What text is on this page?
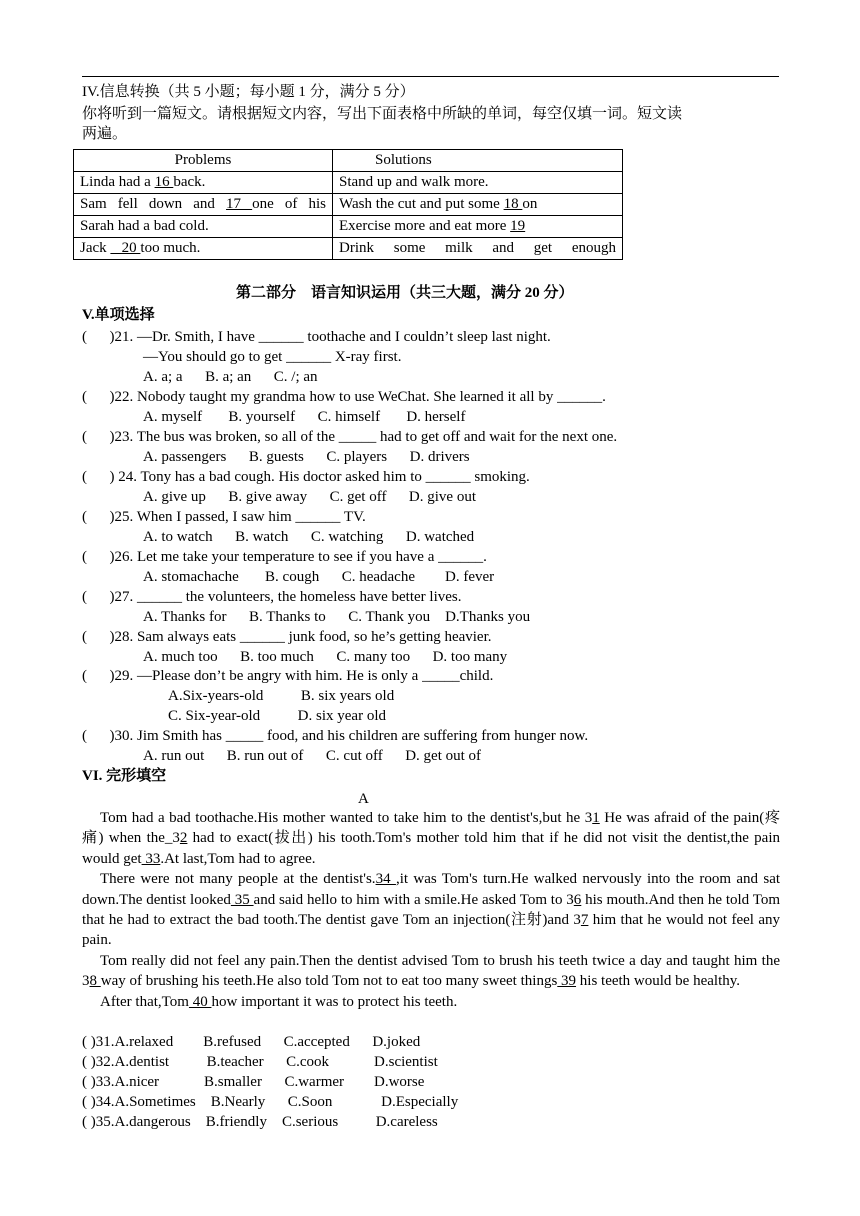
IV.信息转换（共 5 小题；每小题 1 分，满分 5 分）
你将听到一篇短文。请根据短文内容，写出下面表格中所缺的单词，每空仅填一词。短文读
两遍。
Problems	Solutions
Linda had a 16 back.	Stand up and walk more.
Sam fell down and 17 one of his	Wash the cut and put some 18 on
Sarah had a bad cold.	Exercise more and eat more 19
Jack    20 too much.	Drink some milk and get enough
第二部分　语言知识运用（共三大题，满分 20 分）
V.单项选择
(      )21. —Dr. Smith, I have ______ toothache and I couldn’t sleep last night.
—You should go to get ______ X-ray first.
A. a; a      B. a; an      C. /; an
(      )22. Nobody taught my grandma how to use WeChat. She learned it all by ______.
A. myself       B. yourself      C. himself       D. herself
(      )23. The bus was broken, so all of the _____ had to get off and wait for the next one.
A. passengers      B. guests      C. players      D. drivers
(      ) 24. Tony has a bad cough. His doctor asked him to ______ smoking.
A. give up      B. give away      C. get off      D. give out
(      )25. When I passed, I saw him ______ TV.
A. to watch      B. watch      C. watching      D. watched
(      )26. Let me take your temperature to see if you have a ______.
A. stomachache       B. cough      C. headache        D. fever
(      )27. ______ the volunteers, the homeless have better lives.
A. Thanks for      B. Thanks to      C. Thank you    D.Thanks you
(      )28. Sam always eats ______ junk food, so he’s getting heavier.
A. much too      B. too much      C. many too      D. too many
(      )29. —Please don’t be angry with him. He is only a _____child.
A.Six-years-old          B. six years old
C. Six-year-old          D. six year old
(      )30. Jim Smith has _____ food, and his children are suffering from hunger now.
A. run out      B. run out of      C. cut off      D. get out of
VI. 完形填空
A

Tom had a bad toothache.His mother wanted to take him to the dentist's,but he 31 He was afraid of the pain(疼痛) when the_32 had to exact(拔出) his tooth.Tom's mother told him that if he did not visit the dentist,the pain would get 33.At last,Tom had to agree.

There were not many people at the dentist's.34 ,it was Tom's turn.He walked nervously into the room and sat down.The dentist looked 35 and said hello to him with a smile.He asked Tom to 36 his mouth.And then he told Tom that he had to extract the bad tooth.The dentist gave Tom an injection(注射)and 37 him that he would not feel any pain.

Tom really did not feel any pain.Then the dentist advised Tom to brush his teeth twice a day and taught him the 38 way of brushing his teeth.He also told Tom not to eat too many sweet things 39 his teeth would be healthy.

After that,Tom 40 how important it was to protect his teeth.

( )31.A.relaxed        B.refused      C.accepted      D.joked
( )32.A.dentist          B.teacher      C.cook            D.scientist
( )33.A.nicer            B.smaller      C.warmer        D.worse
( )34.A.Sometimes    B.Nearly      C.Soon             D.Especially
( )35.A.dangerous    B.friendly    C.serious          D.careless
